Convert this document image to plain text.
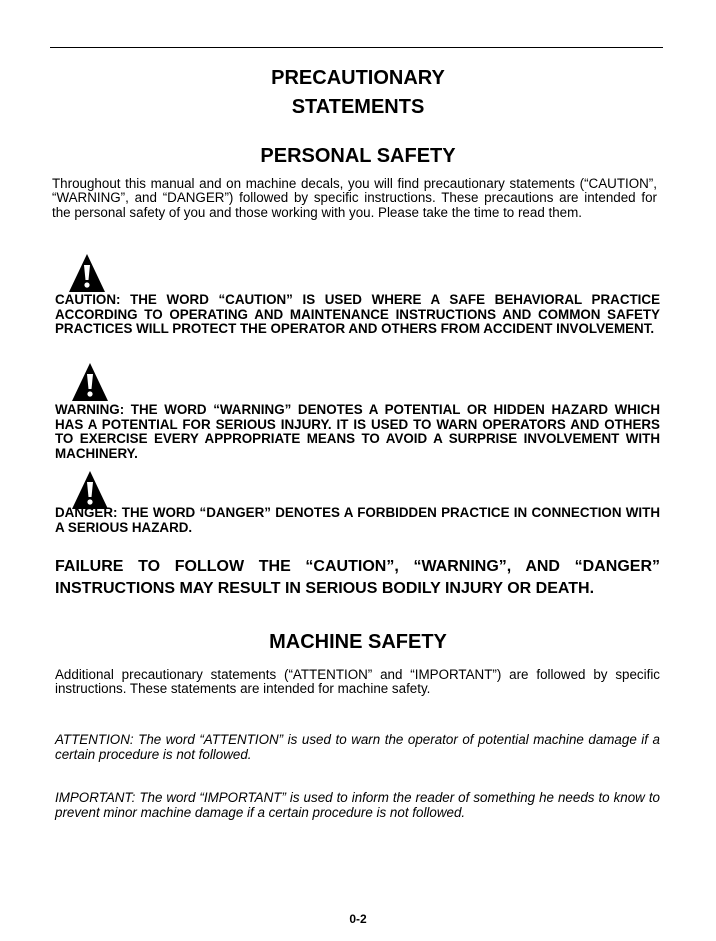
PRECAUTIONARY
STATEMENTS
PERSONAL SAFETY
Throughout this manual and on machine decals, you will find precautionary statements (“CAUTION”, “WARNING”, and “DANGER”) followed by specific instructions. These precautions are intended for the personal safety of you and those working with you. Please take the time to read them.
CAUTION: THE WORD “CAUTION” IS USED WHERE A SAFE BEHAVIORAL PRACTICE ACCORDING TO OPERATING AND MAINTENANCE INSTRUCTIONS AND COMMON SAFETY PRACTICES WILL PROTECT THE OPERATOR AND OTHERS FROM ACCIDENT INVOLVEMENT.
WARNING: THE WORD “WARNING” DENOTES A POTENTIAL OR HIDDEN HAZARD WHICH HAS A POTENTIAL FOR SERIOUS INJURY. IT IS USED TO WARN OPERATORS AND OTHERS TO EXERCISE EVERY APPROPRIATE MEANS TO AVOID A SURPRISE INVOLVEMENT WITH MACHINERY.
DANGER: THE WORD “DANGER” DENOTES A FORBIDDEN PRACTICE IN CONNECTION WITH A SERIOUS HAZARD.
FAILURE TO FOLLOW THE “CAUTION”, “WARNING”, AND “DANGER” INSTRUCTIONS MAY RESULT IN SERIOUS BODILY INJURY OR DEATH.
MACHINE SAFETY
Additional precautionary statements (“ATTENTION” and “IMPORTANT”) are followed by specific instructions. These statements are intended for machine safety.
ATTENTION: The word “ATTENTION” is used to warn the operator of potential machine damage if a certain procedure is not followed.
IMPORTANT: The word “IMPORTANT” is used to inform the reader of something he needs to know to prevent minor machine damage if a certain procedure is not followed.
0-2
